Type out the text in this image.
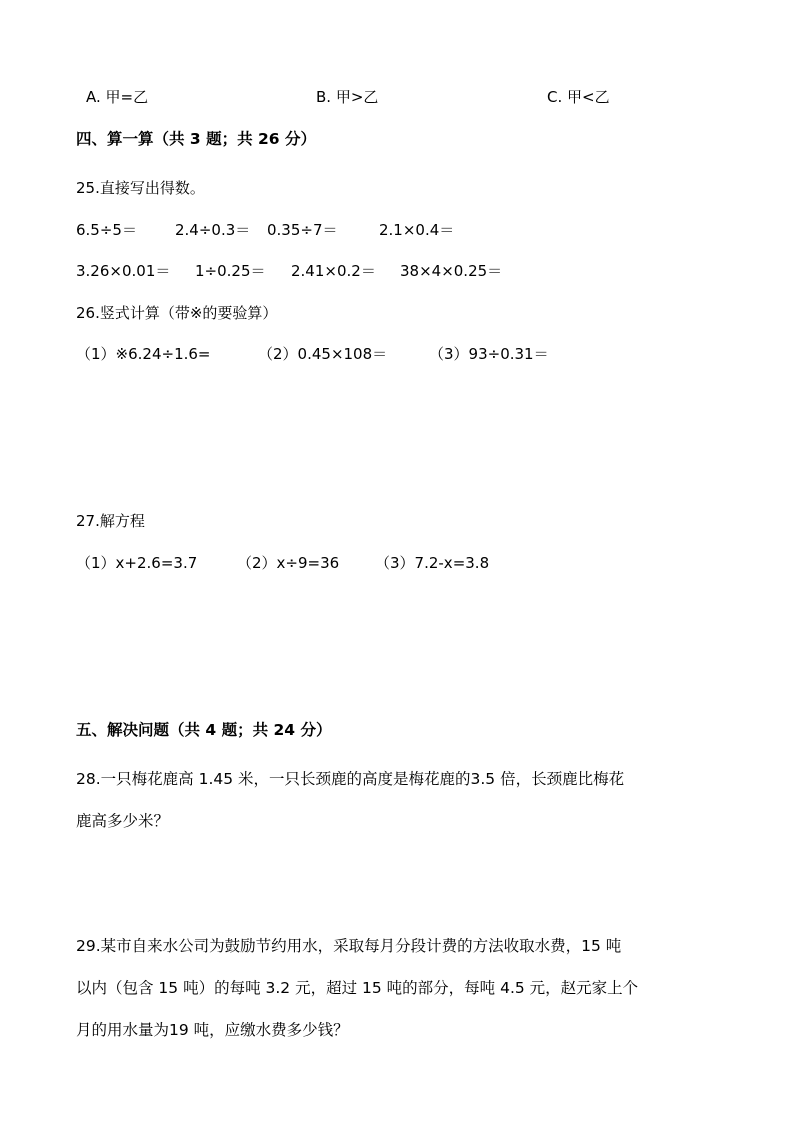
A. 甲=乙	B. 甲>乙	C. 甲<乙
四、算一算（共 3 题；共 26 分）
25.直接写出得数。
6.5÷5＝	2.4÷0.3＝ 0.35÷7＝	2.1×0.4＝
3.26×0.01＝ 1÷0.25＝ 2.41×0.2＝ 38×4×0.25＝
26.竖式计算（带※的要验算）
（1）※6.24÷1.6=	（2）0.45×108＝	（3）93÷0.31＝
27.解方程
（1）x+2.6=3.7	（2）x÷9=36 （3）7.2-x=3.8
五、解决问题（共 4 题；共 24 分）
28.一只梅花鹿高 1.45 米，一只长颈鹿的高度是梅花鹿的3.5 倍，长颈鹿比梅花
鹿高多少米？
29.某市自来水公司为鼓励节约用水，采取每月分段计费的方法收取水费，15 吨
以内（包含 15 吨）的每吨 3.2 元，超过 15 吨的部分，每吨 4.5 元，赵元家上个
月的用水量为19 吨，应缴水费多少钱？
